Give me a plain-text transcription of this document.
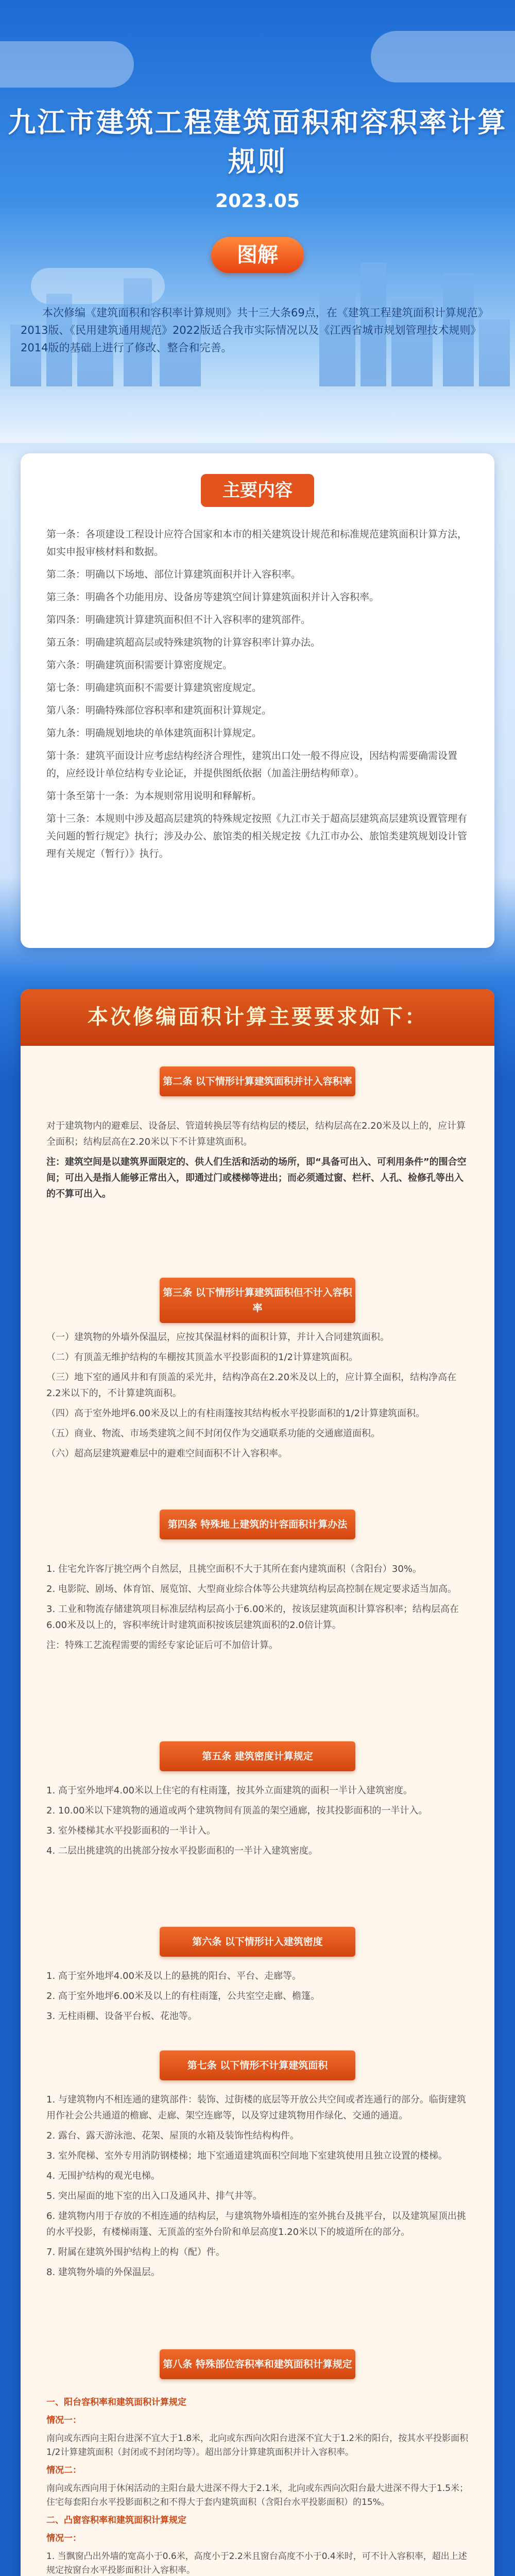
九江市建筑工程建筑面积和容积率计算规则
2023.05
图解
本次修编《建筑面积和容积率计算规则》共十三大条69点，在《建筑工程建筑面积计算规范》2013版、《民用建筑通用规范》2022版适合我市实际情况以及《江西省城市规划管理技术规则》2014版的基础上进行了修改、整合和完善。
主要内容

第一条：各项建设工程设计应符合国家和本市的相关建筑设计规范和标准规范建筑面积计算方法，如实申报审核材料和数据。

第二条：明确以下场地、部位计算建筑面积并计入容积率。

第三条：明确各个功能用房、设备房等建筑空间计算建筑面积并计入容积率。

第四条：明确建筑计算建筑面积但不计入容积率的建筑部件。

第五条：明确建筑超高层或特殊建筑物的计算容积率计算办法。

第六条：明确建筑面积需要计算密度规定。

第七条：明确建筑面积不需要计算建筑密度规定。

第八条：明确特殊部位容积率和建筑面积计算规定。

第九条：明确规划地块的单体建筑面积计算规定。

第十条：建筑平面设计应考虑结构经济合理性，建筑出口处一般不得应设，因结构需要确需设置的，应经设计单位结构专业论证，并提供图纸依据（加盖注册结构师章）。

第十条至第十一条：为本规则常用说明和释解析。

第十三条：本规则中涉及超高层建筑的特殊规定按照《九江市关于超高层建筑高层建筑设置管理有关问题的暂行规定》执行；涉及办公、旅馆类的相关规定按《九江市办公、旅馆类建筑规划设计管理有关规定（暂行）》执行。

本次修编面积计算主要要求如下：
第二条 以下情形计算建筑面积并计入容积率

对于建筑物内的避难层、设备层、管道转换层等有结构层的楼层，结构层高在2.20米及以上的，应计算全面积；结构层高在2.20米以下不计算建筑面积。

注：建筑空间是以建筑界面限定的、供人们生活和活动的场所，即“具备可出入、可利用条件”的围合空间；可出入是指人能够正常出入，即通过门或楼梯等进出；而必须通过窗、栏杆、人孔、检修孔等出入的不算可出入。

第三条 以下情形计算建筑面积但不计入容积率

（一）建筑物的外墙外保温层，应按其保温材料的面积计算，并计入合同建筑面积。

（二）有顶盖无维护结构的车棚按其顶盖水平投影面积的1/2计算建筑面积。

（三）地下室的通风井和有顶盖的采光井，结构净高在2.20米及以上的，应计算全面积，结构净高在2.2米以下的，不计算建筑面积。

（四）高于室外地坪6.00米及以上的有柱雨篷按其结构板水平投影面积的1/2计算建筑面积。

（五）商业、物流、市场类建筑之间不封闭仅作为交通联系功能的交通廊道面积。

（六）超高层建筑避难层中的避难空间面积不计入容积率。

第四条 特殊地上建筑的计容面积计算办法

1. 住宅允许客厅挑空两个自然层，且挑空面积不大于其所在套内建筑面积（含阳台）30%。

2. 电影院、剧场、体育馆、展览馆、大型商业综合体等公共建筑结构层高控制在规定要求适当加高。

3. 工业和物流存储建筑项目标准层结构层高小于6.00米的，按该层建筑面积计算容积率；结构层高在6.00米及以上的，容积率统计时建筑面积按该层建筑面积的2.0倍计算。

注：特殊工艺流程需要的需经专家论证后可不加倍计算。

第五条 建筑密度计算规定

1. 高于室外地坪4.00米以上住宅的有柱雨篷，按其外立面建筑的面积一半计入建筑密度。

2. 10.00米以下建筑物的通道或两个建筑物间有顶盖的架空通廊，按其投影面积的一半计入。

3. 室外楼梯其水平投影面积的一半计入。

4. 二层出挑建筑的出挑部分按水平投影面积的一半计入建筑密度。

第六条 以下情形计入建筑密度

1. 高于室外地坪4.00米及以上的悬挑的阳台、平台、走廊等。

2. 高于室外地坪6.00米及以上的有柱雨篷，公共室空走廊、檐篷。

3. 无柱雨棚、设备平台板、花池等。

第七条 以下情形不计算建筑面积

1. 与建筑物内不相连通的建筑部件：装饰、过街楼的底层等开放公共空间或者连通行的部分。临街建筑用作社会公共通道的檐廊、走廊、架空连廊等，以及穿过建筑物用作绿化、交通的通道。

2. 露台、露天游泳池、花架、屋顶的水箱及装饰性结构构件。

3. 室外爬梯、室外专用消防钢楼梯；地下室通道建筑面积空间地下室建筑使用且独立设置的楼梯。

4. 无围护结构的观光电梯。

5. 突出屋面的地下室的出入口及通风井、排气井等。

6. 建筑物内用于存放的不相连通的结构层，与建筑物外墙相连的室外挑台及挑平台，以及建筑屋顶出挑的水平投影，有楼梯雨篷、无顶盖的室外台阶和单层高度1.20米以下的坡道所在的部分。

7. 附属在建筑外围护结构上的构（配）件。

8. 建筑物外墙的外保温层。

第八条 特殊部位容积率和建筑面积计算规定

一、阳台容积率和建筑面积计算规定

情况一：

南向或东西向主阳台进深不宜大于1.8米，北向或东西向次阳台进深不宜大于1.2米的阳台，按其水平投影面积1/2计算建筑面积（封闭或不封闭均等）。超出部分计算建筑面积并计入容积率。

情况二：

南向或东西向用于休闲活动的主阳台最大进深不得大于2.1米，北向或东西向次阳台最大进深不得大于1.5米；住宅每套阳台水平投影面积之和不得大于套内建筑面积（含阳台水平投影面积）的15%。

二、凸窗容积率和建筑面积计算规定

情况一：

1. 当飘窗凸出外墙的宽高小于0.6米，高度小于2.2米且窗台高度不小于0.4米时，可不计入容积率，超出上述规定按窗台水平投影面积计入容积率。
